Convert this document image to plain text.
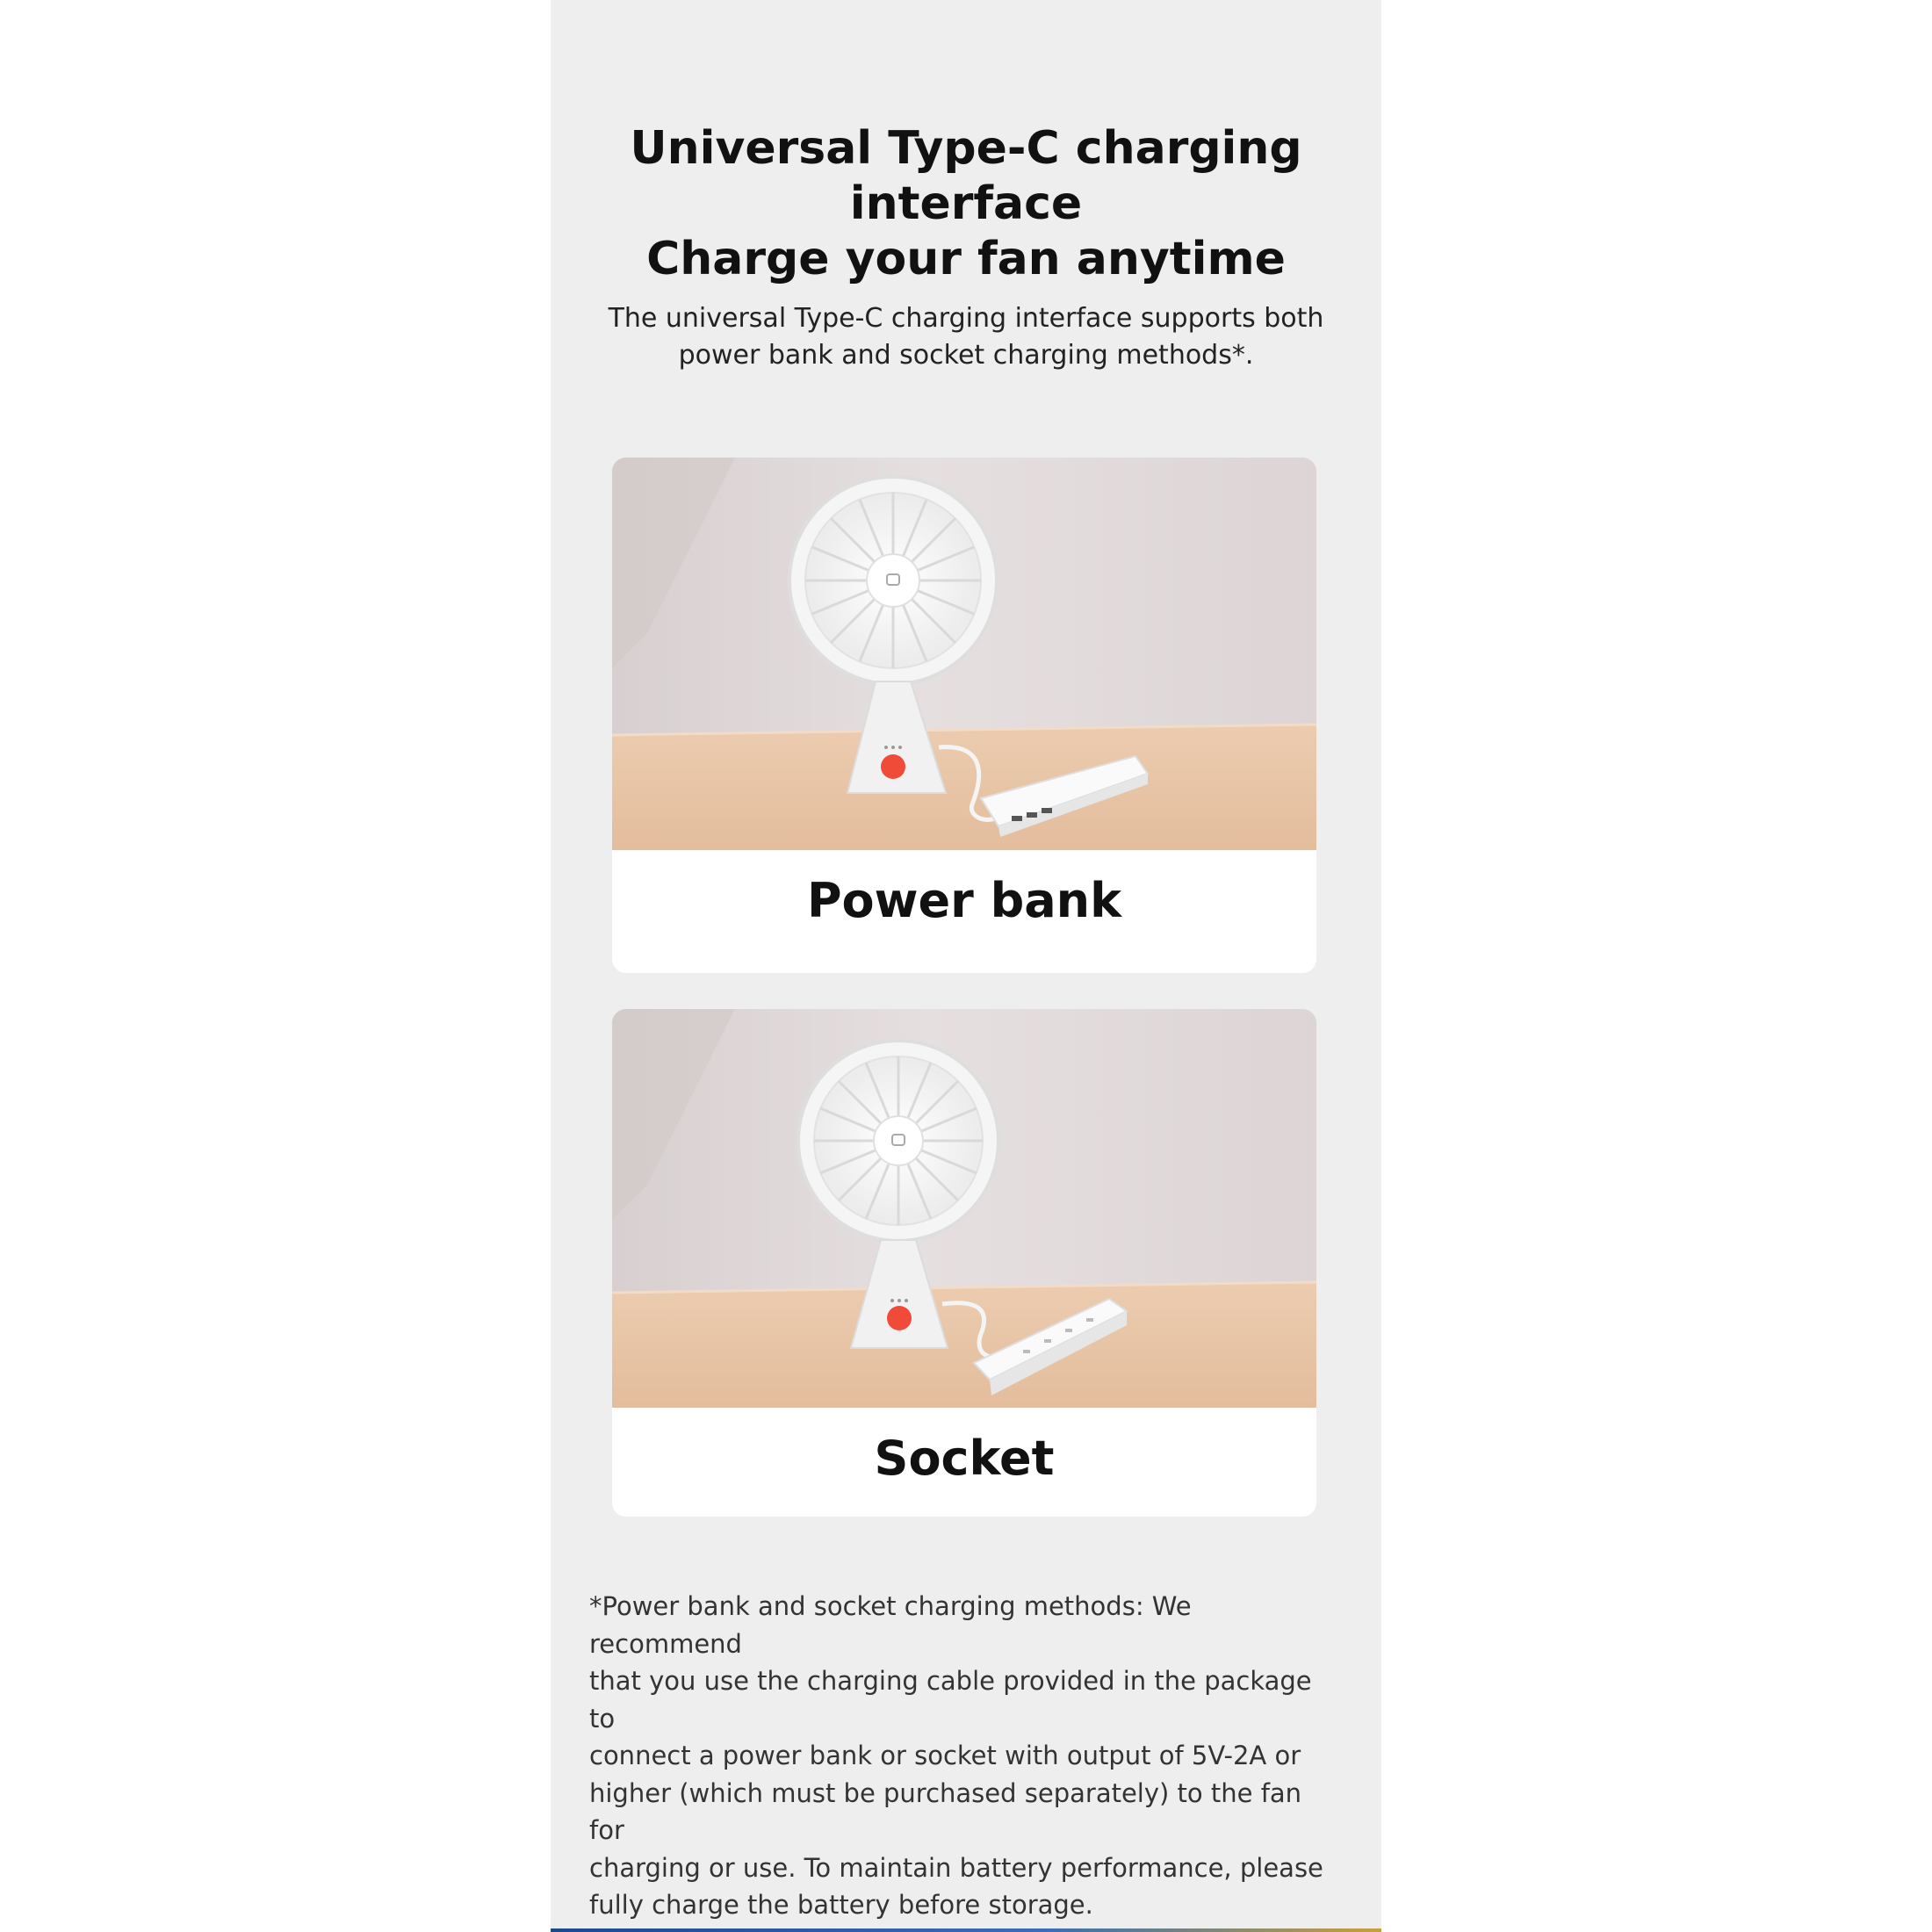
Universal Type-C charging
interface
Charge your fan anytime
The universal Type-C charging interface supports both
power bank and socket charging methods*.
Power bank
Socket
*Power bank and socket charging methods: We recommend
that you use the charging cable provided in the package to
connect a power bank or socket with output of 5V-2A or
higher (which must be purchased separately) to the fan for
charging or use. To maintain battery performance, please
fully charge the battery before storage.
